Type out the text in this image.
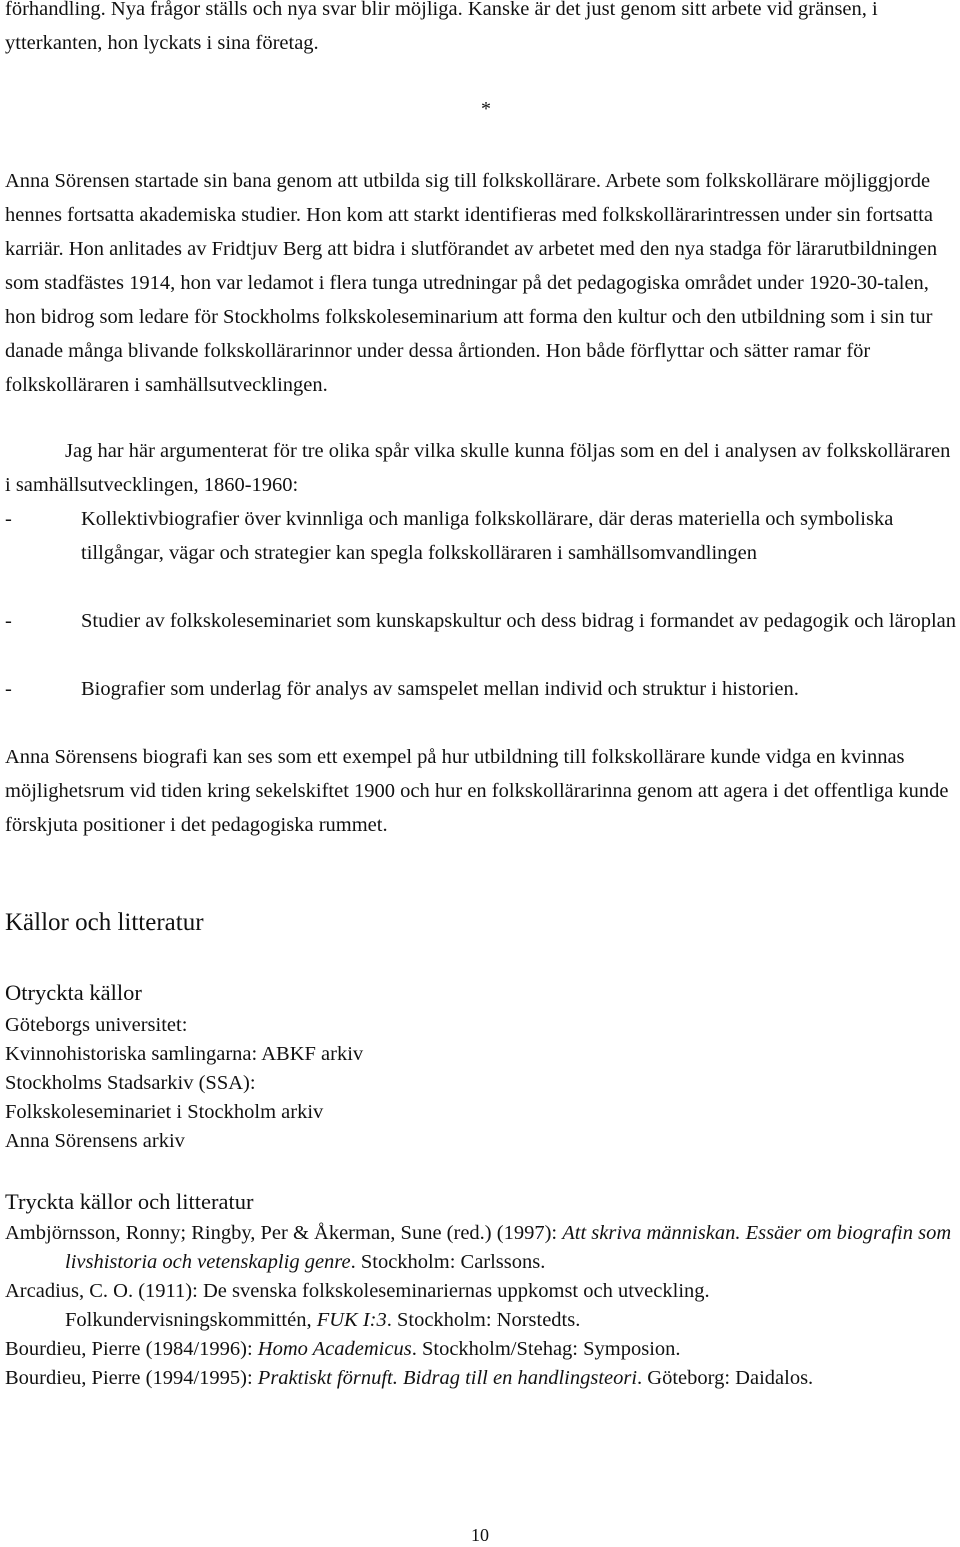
förhandling. Nya frågor ställs och nya svar blir möjliga. Kanske är det just genom sitt arbete vid gränsen, i ytterkanten, hon lyckats i sina företag.

*

Anna Sörensen startade sin bana genom att utbilda sig till folkskollärare. Arbete som folkskollärare möjliggjorde hennes fortsatta akademiska studier. Hon kom att starkt identifieras med folkskollärarintressen under sin fortsatta karriär. Hon anlitades av Fridtjuv Berg att bidra i slutförandet av arbetet med den nya stadga för lärarutbildningen som stadfästes 1914, hon var ledamot i flera tunga utredningar på det pedagogiska området under 1920-30-talen, hon bidrog som ledare för Stockholms folkskoleseminarium att forma den kultur och den utbildning som i sin tur danade många blivande folkskollärarinnor under dessa årtionden. Hon både förflyttar och sätter ramar för folkskolläraren i samhällsutvecklingen.

Jag har här argumenterat för tre olika spår vilka skulle kunna följas som en del i analysen av folkskolläraren i samhällsutvecklingen, 1860-1960:

-	Kollektivbiografier över kvinnliga och manliga folkskollärare, där deras materiella och symboliska tillgångar, vägar och strategier kan spegla folkskolläraren i samhällsomvandlingen
-	Studier av folkskoleseminariet som kunskapskultur och dess bidrag i formandet av pedagogik och läroplan
-	Biografier som underlag för analys av samspelet mellan individ och struktur i historien.

Anna Sörensens biografi kan ses som ett exempel på hur utbildning till folkskollärare kunde vidga en kvinnas möjlighetsrum vid tiden kring sekelskiftet 1900 och hur en folkskollärarinna genom att agera i det offentliga kunde förskjuta positioner i det pedagogiska rummet.

Källor och litteratur
Otryckta källor
Göteborgs universitet:
Kvinnohistoriska samlingarna: ABKF arkiv
Stockholms Stadsarkiv (SSA):
Folkskoleseminariet i Stockholm arkiv
Anna Sörensens arkiv
Tryckta källor och litteratur

Ambjörnsson, Ronny; Ringby, Per & Åkerman, Sune (red.) (1997): Att skriva människan. Essäer om biografin som livshistoria och vetenskaplig genre. Stockholm: Carlssons.

Arcadius, C. O. (1911): De svenska folkskoleseminariernas uppkomst och utveckling. Folkundervisningskommittén, FUK I:3. Stockholm: Norstedts.

Bourdieu, Pierre (1984/1996): Homo Academicus. Stockholm/Stehag: Symposion.

Bourdieu, Pierre (1994/1995): Praktiskt förnuft. Bidrag till en handlingsteori. Göteborg: Daidalos.

10
